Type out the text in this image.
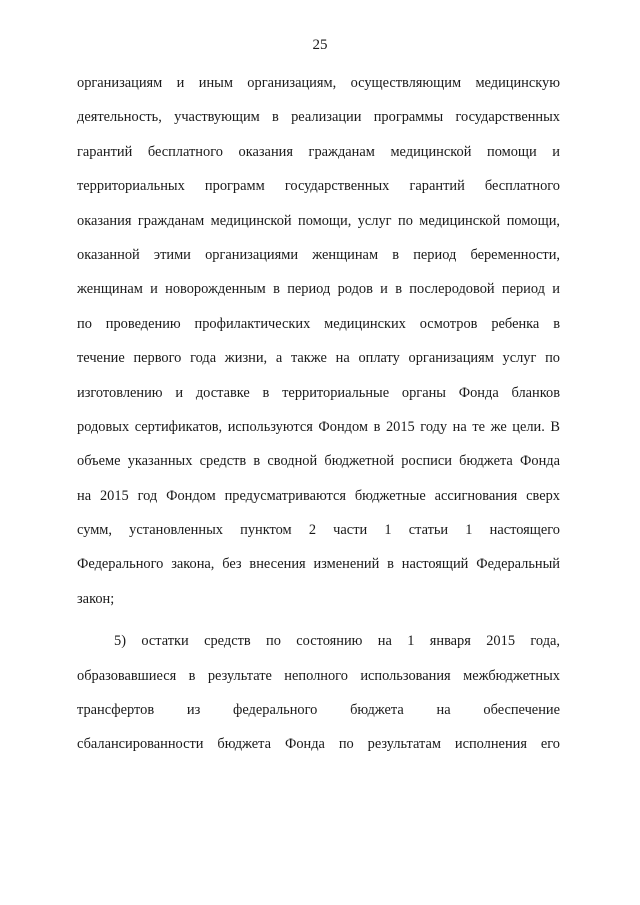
25
организациям и иным организациям, осуществляющим медицинскую
деятельность, участвующим в реализации программы государственных
гарантий бесплатного оказания гражданам медицинской помощи и
территориальных программ государственных гарантий бесплатного
оказания гражданам медицинской помощи, услуг по медицинской помощи,
оказанной этими организациями женщинам в период беременности,
женщинам и новорожденным в период родов и в послеродовой период и
по проведению профилактических медицинских осмотров ребенка в
течение первого года жизни, а также на оплату организациям услуг по
изготовлению и доставке в территориальные органы Фонда бланков
родовых сертификатов, используются Фондом в 2015 году на те же цели. В
объеме указанных средств в сводной бюджетной росписи бюджета Фонда
на 2015 год Фондом предусматриваются бюджетные ассигнования сверх
сумм, установленных пунктом 2 части 1 статьи 1 настоящего
Федерального закона, без внесения изменений в настоящий Федеральный
закон;
5) остатки средств по состоянию на 1 января 2015 года,
образовавшиеся в результате неполного использования межбюджетных
трансфертов из федерального бюджета на обеспечение
сбалансированности бюджета Фонда по результатам исполнения его
